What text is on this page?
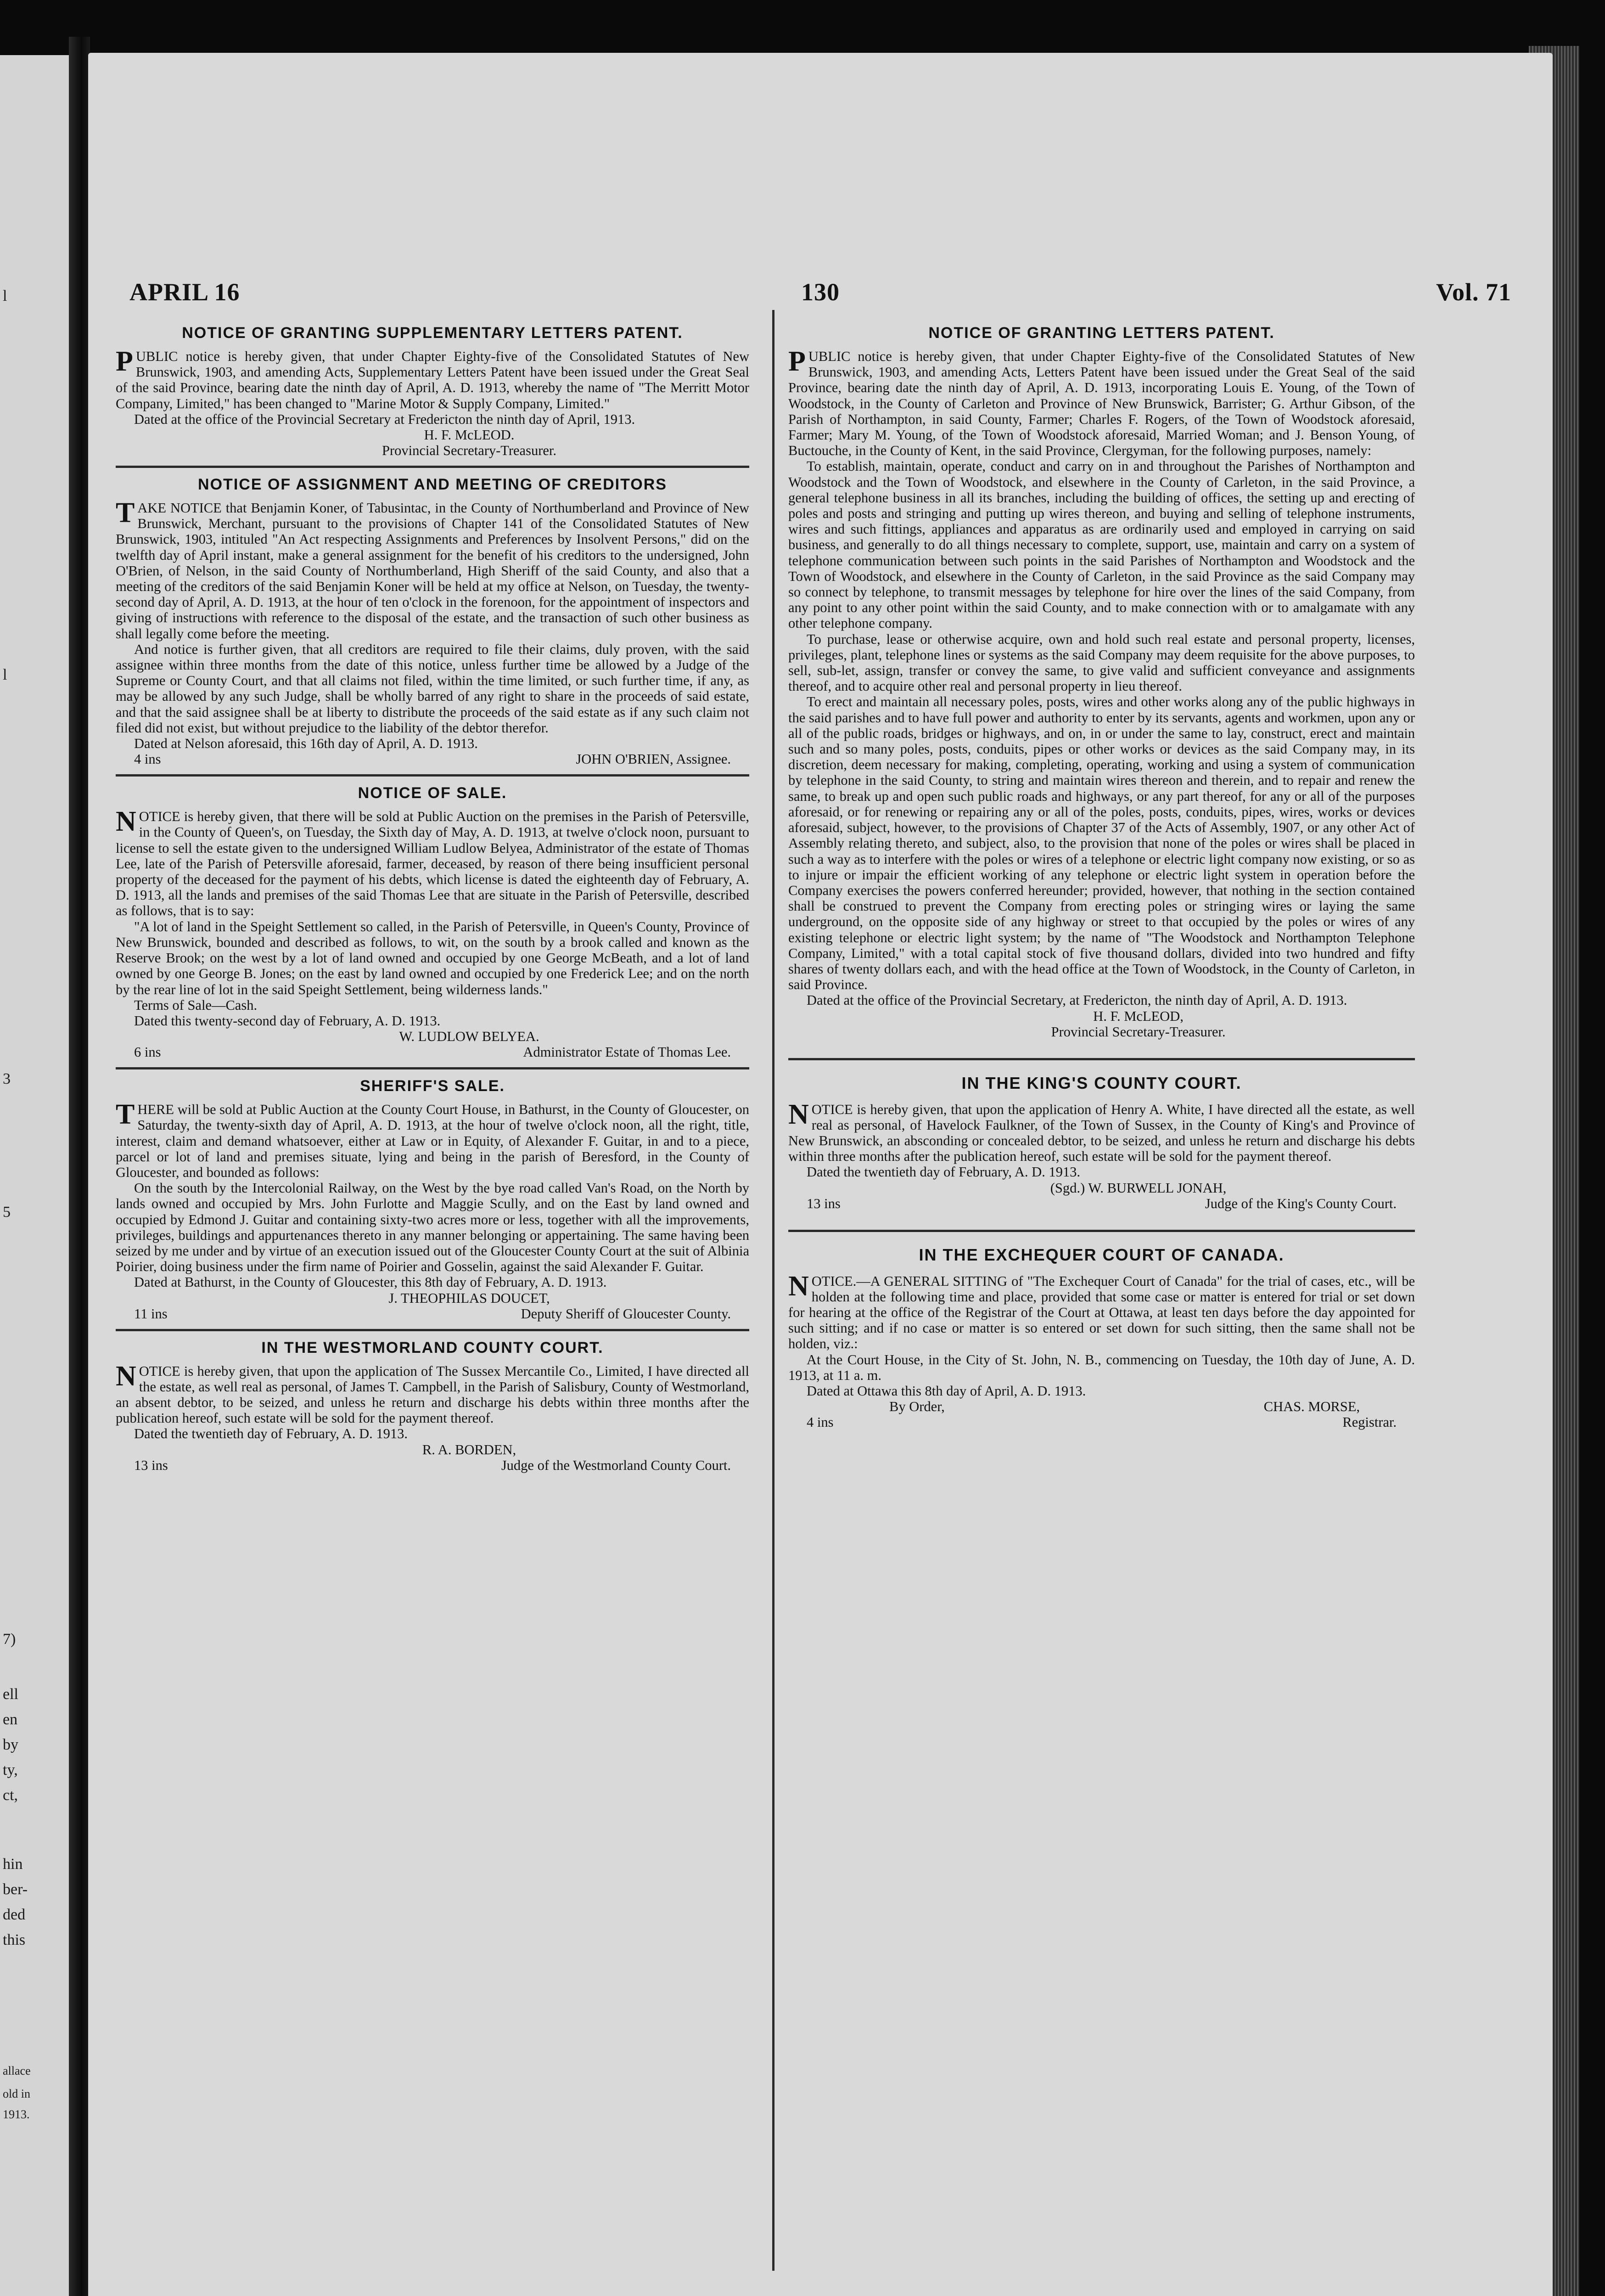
l
l
3
5
7)
ell
en
by
ty,
ct,
hin
ber-
ded
this
allace
old in
1913.
APRIL 16	130	Vol. 71
NOTICE OF GRANTING SUPPLEMENTARY LETTERS PATENT.

PUBLIC notice is hereby given, that under Chapter Eighty-five of the Consolidated Statutes of New Brunswick, 1903, and amending Acts, Supplementary Letters Patent have been issued under the Great Seal of the said Province, bearing date the ninth day of April, A. D. 1913, whereby the name of "The Merritt Motor Company, Limited," has been changed to "Marine Motor & Supply Company, Limited."

Dated at the office of the Provincial Secretary at Fredericton the ninth day of April, 1913.

H. F. McLEOD.
Provincial Secretary-Treasurer.
NOTICE OF ASSIGNMENT AND MEETING OF CREDITORS

TAKE NOTICE that Benjamin Koner, of Tabusintac, in the County of Northumberland and Province of New Brunswick, Merchant, pursuant to the provisions of Chapter 141 of the Consolidated Statutes of New Brunswick, 1903, intituled "An Act respecting Assignments and Preferences by Insolvent Persons," did on the twelfth day of April instant, make a general assignment for the benefit of his creditors to the undersigned, John O'Brien, of Nelson, in the said County of Northumberland, High Sheriff of the said County, and also that a meeting of the creditors of the said Benjamin Koner will be held at my office at Nelson, on Tuesday, the twenty-second day of April, A. D. 1913, at the hour of ten o'clock in the forenoon, for the appointment of inspectors and giving of instructions with reference to the disposal of the estate, and the transaction of such other business as shall legally come before the meeting.

And notice is further given, that all creditors are required to file their claims, duly proven, with the said assignee within three months from the date of this notice, unless further time be allowed by a Judge of the Supreme or County Court, and that all claims not filed, within the time limited, or such further time, if any, as may be allowed by any such Judge, shall be wholly barred of any right to share in the proceeds of said estate, and that the said assignee shall be at liberty to distribute the proceeds of the said estate as if any such claim not filed did not exist, but without prejudice to the liability of the debtor therefor.

Dated at Nelson aforesaid, this 16th day of April, A. D. 1913.

4 ins	JOHN O'BRIEN, Assignee.
NOTICE OF SALE.

NOTICE is hereby given, that there will be sold at Public Auction on the premises in the Parish of Petersville, in the County of Queen's, on Tuesday, the Sixth day of May, A. D. 1913, at twelve o'clock noon, pursuant to license to sell the estate given to the undersigned William Ludlow Belyea, Administrator of the estate of Thomas Lee, late of the Parish of Petersville aforesaid, farmer, deceased, by reason of there being insufficient personal property of the deceased for the payment of his debts, which license is dated the eighteenth day of February, A. D. 1913, all the lands and premises of the said Thomas Lee that are situate in the Parish of Petersville, described as follows, that is to say:

"A lot of land in the Speight Settlement so called, in the Parish of Petersville, in Queen's County, Province of New Brunswick, bounded and described as follows, to wit, on the south by a brook called and known as the Reserve Brook; on the west by a lot of land owned and occupied by one George McBeath, and a lot of land owned by one George B. Jones; on the east by land owned and occupied by one Frederick Lee; and on the north by the rear line of lot in the said Speight Settlement, being wilderness lands."

Terms of Sale—Cash.

Dated this twenty-second day of February, A. D. 1913.

W. LUDLOW BELYEA.
6 ins	Administrator Estate of Thomas Lee.
SHERIFF'S SALE.

THERE will be sold at Public Auction at the County Court House, in Bathurst, in the County of Gloucester, on Saturday, the twenty-sixth day of April, A. D. 1913, at the hour of twelve o'clock noon, all the right, title, interest, claim and demand whatsoever, either at Law or in Equity, of Alexander F. Guitar, in and to a piece, parcel or lot of land and premises situate, lying and being in the parish of Beresford, in the County of Gloucester, and bounded as follows:

On the south by the Intercolonial Railway, on the West by the bye road called Van's Road, on the North by lands owned and occupied by Mrs. John Furlotte and Maggie Scully, and on the East by land owned and occupied by Edmond J. Guitar and containing sixty-two acres more or less, together with all the improvements, privileges, buildings and appurtenances thereto in any manner belonging or appertaining. The same having been seized by me under and by virtue of an execution issued out of the Gloucester County Court at the suit of Albinia Poirier, doing business under the firm name of Poirier and Gosselin, against the said Alexander F. Guitar.

Dated at Bathurst, in the County of Gloucester, this 8th day of February, A. D. 1913.

J. THEOPHILAS DOUCET,
11 ins	Deputy Sheriff of Gloucester County.
IN THE WESTMORLAND COUNTY COURT.

NOTICE is hereby given, that upon the application of The Sussex Mercantile Co., Limited, I have directed all the estate, as well real as personal, of James T. Campbell, in the Parish of Salisbury, County of Westmorland, an absent debtor, to be seized, and unless he return and discharge his debts within three months after the publication hereof, such estate will be sold for the payment thereof.

Dated the twentieth day of February, A. D. 1913.

R. A. BORDEN,
13 ins	Judge of the Westmorland County Court.
NOTICE OF GRANTING LETTERS PATENT.

PUBLIC notice is hereby given, that under Chapter Eighty-five of the Consolidated Statutes of New Brunswick, 1903, and amending Acts, Letters Patent have been issued under the Great Seal of the said Province, bearing date the ninth day of April, A. D. 1913, incorporating Louis E. Young, of the Town of Woodstock, in the County of Carleton and Province of New Brunswick, Barrister; G. Arthur Gibson, of the Parish of Northampton, in said County, Farmer; Charles F. Rogers, of the Town of Woodstock aforesaid, Farmer; Mary M. Young, of the Town of Woodstock aforesaid, Married Woman; and J. Benson Young, of Buctouche, in the County of Kent, in the said Province, Clergyman, for the following purposes, namely:

To establish, maintain, operate, conduct and carry on in and throughout the Parishes of Northampton and Woodstock and the Town of Woodstock, and elsewhere in the County of Carleton, in the said Province, a general telephone business in all its branches, including the building of offices, the setting up and erecting of poles and posts and stringing and putting up wires thereon, and buying and selling of telephone instruments, wires and such fittings, appliances and apparatus as are ordinarily used and employed in carrying on said business, and generally to do all things necessary to complete, support, use, maintain and carry on a system of telephone communication between such points in the said Parishes of Northampton and Woodstock and the Town of Woodstock, and elsewhere in the County of Carleton, in the said Province as the said Company may so connect by telephone, to transmit messages by telephone for hire over the lines of the said Company, from any point to any other point within the said County, and to make connection with or to amalgamate with any other telephone company.

To purchase, lease or otherwise acquire, own and hold such real estate and personal property, licenses, privileges, plant, telephone lines or systems as the said Company may deem requisite for the above purposes, to sell, sub-let, assign, transfer or convey the same, to give valid and sufficient conveyance and assignments thereof, and to acquire other real and personal property in lieu thereof.

To erect and maintain all necessary poles, posts, wires and other works along any of the public highways in the said parishes and to have full power and authority to enter by its servants, agents and workmen, upon any or all of the public roads, bridges or highways, and on, in or under the same to lay, construct, erect and maintain such and so many poles, posts, conduits, pipes or other works or devices as the said Company may, in its discretion, deem necessary for making, completing, operating, working and using a system of communication by telephone in the said County, to string and maintain wires thereon and therein, and to repair and renew the same, to break up and open such public roads and highways, or any part thereof, for any or all of the purposes aforesaid, or for renewing or repairing any or all of the poles, posts, conduits, pipes, wires, works or devices aforesaid, subject, however, to the provisions of Chapter 37 of the Acts of Assembly, 1907, or any other Act of Assembly relating thereto, and subject, also, to the provision that none of the poles or wires shall be placed in such a way as to interfere with the poles or wires of a telephone or electric light company now existing, or so as to injure or impair the efficient working of any telephone or electric light system in operation before the Company exercises the powers conferred hereunder; provided, however, that nothing in the section contained shall be construed to prevent the Company from erecting poles or stringing wires or laying the same underground, on the opposite side of any highway or street to that occupied by the poles or wires of any existing telephone or electric light system; by the name of "The Woodstock and Northampton Telephone Company, Limited," with a total capital stock of five thousand dollars, divided into two hundred and fifty shares of twenty dollars each, and with the head office at the Town of Woodstock, in the County of Carleton, in said Province.

Dated at the office of the Provincial Secretary, at Fredericton, the ninth day of April, A. D. 1913.

H. F. McLEOD,
Provincial Secretary-Treasurer.
IN THE KING'S COUNTY COURT.

NOTICE is hereby given, that upon the application of Henry A. White, I have directed all the estate, as well real as personal, of Havelock Faulkner, of the Town of Sussex, in the County of King's and Province of New Brunswick, an absconding or concealed debtor, to be seized, and unless he return and discharge his debts within three months after the publication hereof, such estate will be sold for the payment thereof.

Dated the twentieth day of February, A. D. 1913.

(Sgd.) W. BURWELL JONAH,
13 ins	Judge of the King's County Court.
IN THE EXCHEQUER COURT OF CANADA.

NOTICE.—A GENERAL SITTING of "The Exchequer Court of Canada" for the trial of cases, etc., will be holden at the following time and place, provided that some case or matter is entered for trial or set down for hearing at the office of the Registrar of the Court at Ottawa, at least ten days before the day appointed for such sitting; and if no case or matter is so entered or set down for such sitting, then the same shall not be holden, viz.:

At the Court House, in the City of St. John, N. B., commencing on Tuesday, the 10th day of June, A. D. 1913, at 11 a. m.

Dated at Ottawa this 8th day of April, A. D. 1913.

By Order,	CHAS. MORSE,
4 ins	Registrar.
